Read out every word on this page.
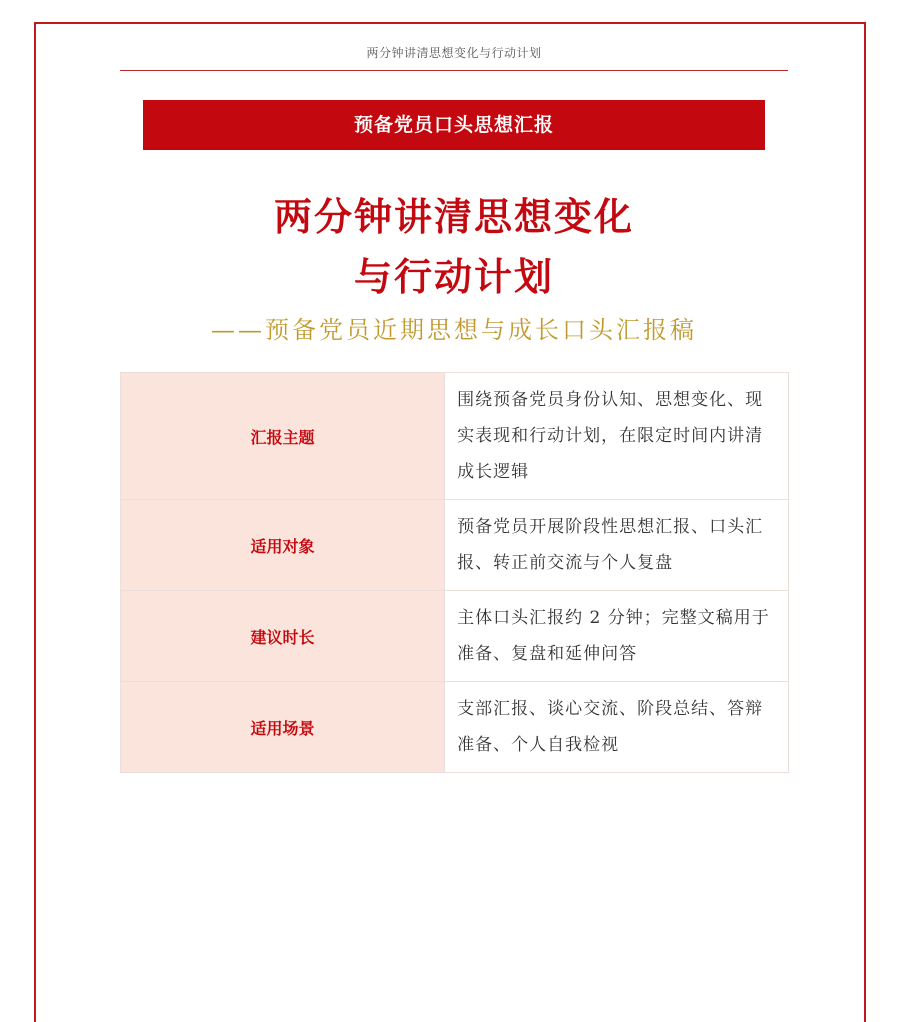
两分钟讲清思想变化与行动计划
预备党员口头思想汇报
两分钟讲清思想变化
与行动计划
——预备党员近期思想与成长口头汇报稿
汇报主题	围绕预备党员身份认知、思想变化、现实表现和行动计划，在限定时间内讲清成长逻辑
适用对象	预备党员开展阶段性思想汇报、口头汇报、转正前交流与个人复盘
建议时长	主体口头汇报约 2 分钟；完整文稿用于准备、复盘和延伸问答
适用场景	支部汇报、谈心交流、阶段总结、答辩准备、个人自我检视
